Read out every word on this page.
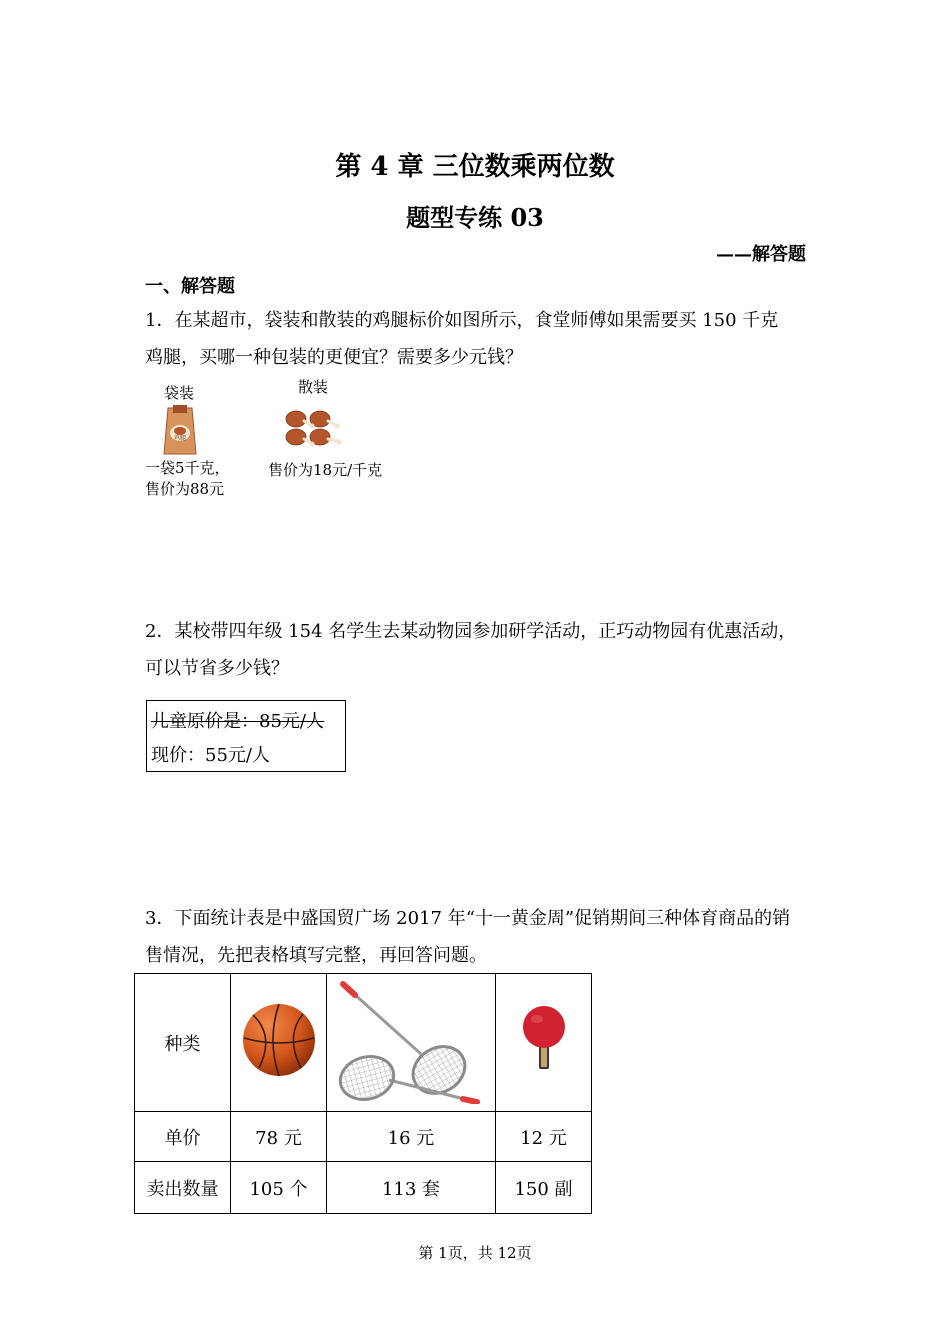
第 4 章 三位数乘两位数
题型专练 03
——解答题
一、解答题
1．在某超市，袋装和散装的鸡腿标价如图所示，食堂师傅如果需要买 150 千克
鸡腿，买哪一种包装的更便宜？需要多少元钱？
袋装
鸡腿
一袋5千克，
售价为88元
散装
售价为18元/千克
2．某校带四年级 154 名学生去某动物园参加研学活动，正巧动物园有优惠活动，
可以节省多少钱？
儿童原价是：85元/人
现价：55元/人
3．下面统计表是中盛国贸广场 2017 年“十一黄金周”促销期间三种体育商品的销
售情况，先把表格填写完整，再回答问题。
种类			
单价	78 元	16 元	12 元
卖出数量	105 个	113 套	150 副
第 1页，共 12页
